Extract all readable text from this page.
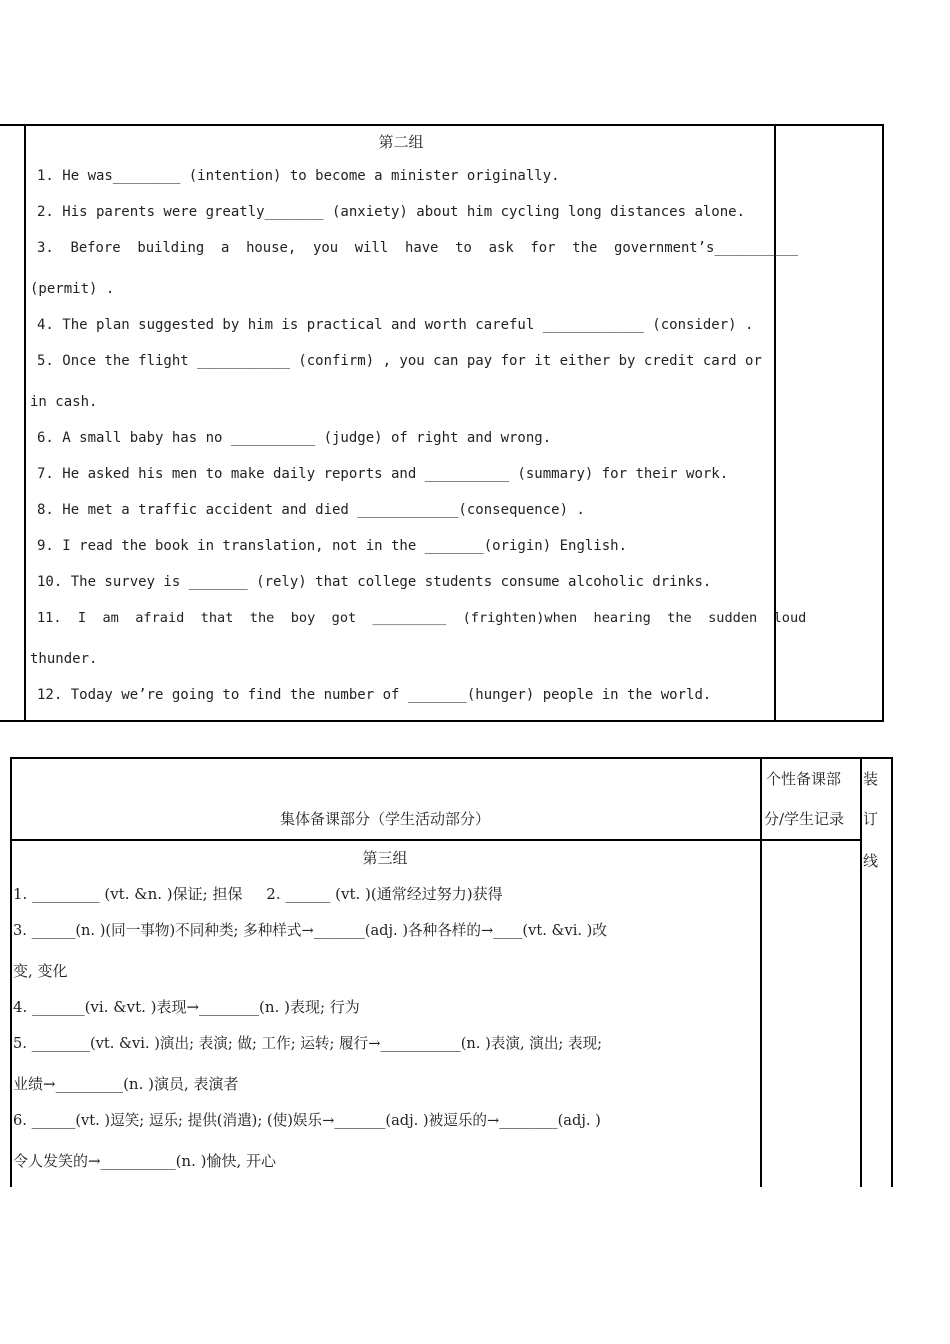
第二组
1. He was________ (intention) to become a minister originally.
2. His parents were greatly_______ (anxiety) about him cycling long distances alone.
3.  Before  building  a  house,  you  will  have  to  ask  for  the  government’s__________
(permit) .
4. The plan suggested by him is practical and worth careful ____________ (consider) .
5. Once the flight ___________ (confirm) , you can pay for it either by credit card or
in cash.
6. A small baby has no __________ (judge) of right and wrong.
7. He asked his men to make daily reports and __________ (summary) for their work.
8. He met a traffic accident and died ____________(consequence) .
9. I read the book in translation, not in the _______(origin) English.
10. The survey is _______ (rely) that college students consume alcoholic drinks.
11.  I  am  afraid  that  the  boy  got  _________  (frighten)when  hearing  the  sudden  loud
thunder.
12. Today we’re going to find the number of _______(hunger) people in the world.
集体备课部分（学生活动部分）
个性备课部
分/学生记录
装
订
线
第三组
1. _________ (vt. &n. )保证; 担保     2. ______ (vt. )(通常经过努力)获得
3. ______(n. )(同一事物)不同种类; 多种样式→_______(adj. )各种各样的→____(vt. &vi. )改
变, 变化
4. _______(vi. &vt. )表现→________(n. )表现; 行为
5. ________(vt. &vi. )演出; 表演; 做; 工作; 运转; 履行→___________(n. )表演, 演出; 表现;
业绩→_________(n. )演员, 表演者
6. ______(vt. )逗笑; 逗乐; 提供(消遣); (使)娱乐→_______(adj. )被逗乐的→________(adj. )
令人发笑的→__________(n. )愉快, 开心
